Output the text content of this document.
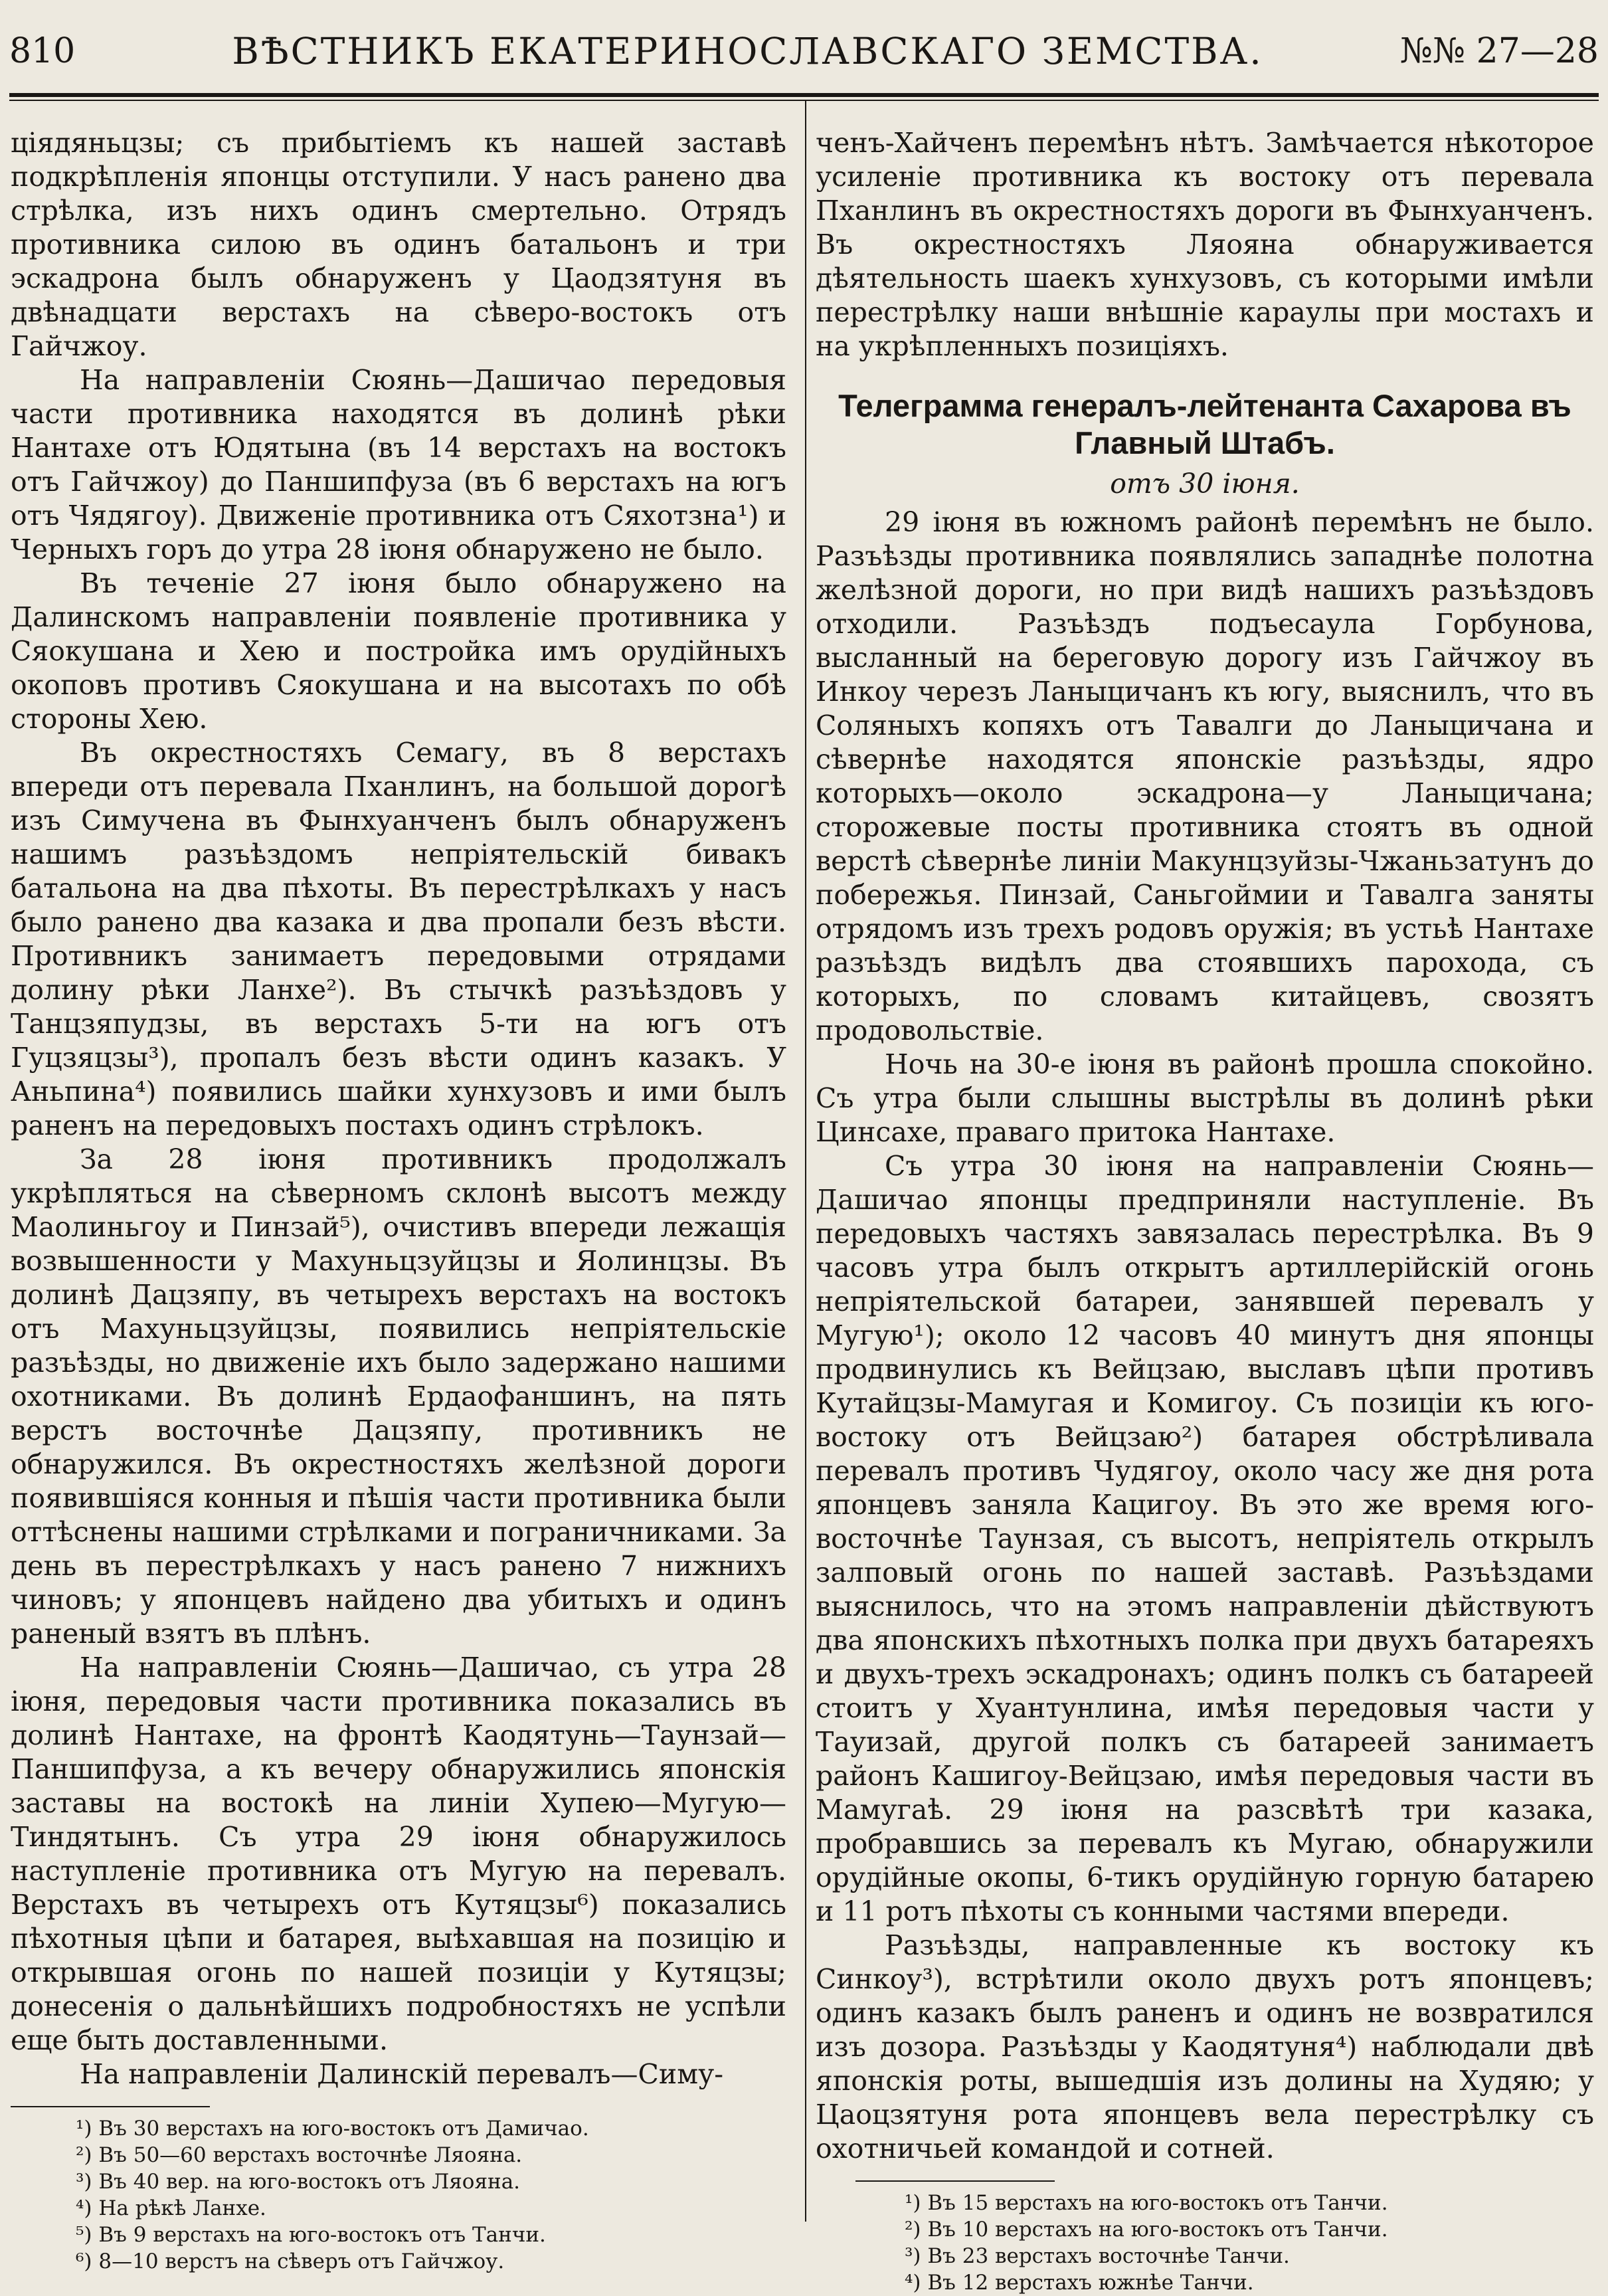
810	ВѢСТНИКЪ ЕКАТЕРИНОСЛАВСКАГО ЗЕМСТВА.	№№ 27—28

ціядяньцзы; съ прибытіемъ къ нашей заставѣ подкрѣпленія японцы отступили. У насъ ранено два стрѣлка, изъ нихъ одинъ смертельно. Отрядъ противника силою въ одинъ батальонъ и три эскадрона былъ обнаруженъ у Цаодзятуня въ двѣнадцати верстахъ на сѣверо-востокъ отъ Гайчжоу.

На направленіи Сюянь—Дашичао передовыя части противника находятся въ долинѣ рѣки Нантахе отъ Юдятына (въ 14 верстахъ на востокъ отъ Гайчжоу) до Паншипфуза (въ 6 верстахъ на югъ отъ Чядягоу). Движеніе противника отъ Сяхотзна¹) и Черныхъ горъ до утра 28 іюня обнаружено не было.

Въ теченіе 27 іюня было обнаружено на Далинскомъ направленіи появленіе противника у Сяокушана и Хею и постройка имъ орудійныхъ окоповъ противъ Сяокушана и на высотахъ по обѣ стороны Хею.

Въ окрестностяхъ Семагу, въ 8 верстахъ впереди отъ перевала Пханлинъ, на большой дорогѣ изъ Симучена въ Фынхуанченъ былъ обнаруженъ нашимъ разъѣздомъ непріятельскій бивакъ батальона на два пѣхоты. Въ перестрѣлкахъ у насъ было ранено два казака и два пропали безъ вѣсти. Противникъ занимаетъ передовыми отрядами долину рѣки Ланхе²). Въ стычкѣ разъѣздовъ у Танцзяпудзы, въ верстахъ 5-ти на югъ отъ Гуцзяцзы³), пропалъ безъ вѣсти одинъ казакъ. У Аньпина⁴) появились шайки хунхузовъ и ими былъ раненъ на передовыхъ постахъ одинъ стрѣлокъ.

За 28 іюня противникъ продолжалъ укрѣпляться на сѣверномъ склонѣ высотъ между Маолиньгоу и Пинзай⁵), очистивъ впереди лежащія возвышенности у Махуньцзуйцзы и Яолинцзы. Въ долинѣ Дацзяпу, въ четырехъ верстахъ на востокъ отъ Махуньцзуйцзы, появились непріятельскіе разъѣзды, но движеніе ихъ было задержано нашими охотниками. Въ долинѣ Ердаофаншинъ, на пять верстъ восточнѣе Дацзяпу, противникъ не обнаружился. Въ окрестностяхъ желѣзной дороги появившіяся конныя и пѣшія части противника были оттѣснены нашими стрѣлками и пограничниками. За день въ перестрѣлкахъ у насъ ранено 7 нижнихъ чиновъ; у японцевъ найдено два убитыхъ и одинъ раненый взятъ въ плѣнъ.

На направленіи Сюянь—Дашичао, съ утра 28 іюня, передовыя части противника показались въ долинѣ Нантахе, на фронтѣ Каодятунь—Таунзай—Паншипфуза, а къ вечеру обнаружились японскія заставы на востокѣ на линіи Хупею—Мугую—Тиндятынъ. Съ утра 29 іюня обнаружилось наступленіе противника отъ Мугую на перевалъ. Верстахъ въ четырехъ отъ Кутяцзы⁶) показались пѣхотныя цѣпи и батарея, выѣхавшая на позицію и открывшая огонь по нашей позиціи у Кутяцзы; донесенія о дальнѣйшихъ подробностяхъ не успѣли еще быть доставленными.

На направленіи Далинскій перевалъ—Симу-

¹) Въ 30 верстахъ на юго-востокъ отъ Дамичао.
²) Въ 50—60 верстахъ восточнѣе Ляояна.
³) Въ 40 вер. на юго-востокъ отъ Ляояна.
⁴) На рѣкѣ Ланхе.
⁵) Въ 9 верстахъ на юго-востокъ отъ Танчи.
⁶) 8—10 верстъ на сѣверъ отъ Гайчжоу.

ченъ-Хайченъ перемѣнъ нѣтъ. Замѣчается нѣкоторое усиленіе противника къ востоку отъ перевала Пханлинъ въ окрестностяхъ дороги въ Фынхуанченъ. Въ окрестностяхъ Ляояна обнаруживается дѣятельность шаекъ хунхузовъ, съ которыми имѣли перестрѣлку наши внѣшніе караулы при мостахъ и на укрѣпленныхъ позиціяхъ.

Телеграмма генералъ-лейтенанта Сахарова въ Главный Штабъ.
отъ 30 іюня.

29 іюня въ южномъ районѣ перемѣнъ не было. Разъѣзды противника появлялись западнѣе полотна желѣзной дороги, но при видѣ нашихъ разъѣздовъ отходили. Разъѣздъ подъесаула Горбунова, высланный на береговую дорогу изъ Гайчжоу въ Инкоу черезъ Ланыцичанъ къ югу, выяснилъ, что въ Соляныхъ копяхъ отъ Тавалги до Ланыцичана и сѣвернѣе находятся японскіе разъѣзды, ядро которыхъ—около эскадрона—у Ланыцичана; сторожевые посты противника стоятъ въ одной верстѣ сѣвернѣе линіи Макунцзуйзы-Чжаньзатунъ до побережья. Пинзай, Саньгоймии и Тавалга заняты отрядомъ изъ трехъ родовъ оружія; въ устьѣ Нантахе разъѣздъ видѣлъ два стоявшихъ парохода, съ которыхъ, по словамъ китайцевъ, свозятъ продовольствіе.

Ночь на 30-е іюня въ районѣ прошла спокойно. Съ утра были слышны выстрѣлы въ долинѣ рѣки Цинсахе, праваго притока Нантахе.

Съ утра 30 іюня на направленіи Сюянь—Дашичао японцы предприняли наступленіе. Въ передовыхъ частяхъ завязалась перестрѣлка. Въ 9 часовъ утра былъ открытъ артиллерійскій огонь непріятельской батареи, занявшей перевалъ у Мугую¹); около 12 часовъ 40 минутъ дня японцы продвинулись къ Вейцзаю, выславъ цѣпи противъ Кутайцзы-Мамугая и Комигоу. Съ позиціи къ юго-востоку отъ Вейцзаю²) батарея обстрѣливала перевалъ противъ Чудягоу, около часу же дня рота японцевъ заняла Кацигоу. Въ это же время юго-восточнѣе Таунзая, съ высотъ, непріятель открылъ залповый огонь по нашей заставѣ. Разъѣздами выяснилось, что на этомъ направленіи дѣйствуютъ два японскихъ пѣхотныхъ полка при двухъ батареяхъ и двухъ-трехъ эскадронахъ; одинъ полкъ съ батареей стоитъ у Хуантунлина, имѣя передовыя части у Тауизай, другой полкъ съ батареей занимаетъ районъ Кашигоу-Вейцзаю, имѣя передовыя части въ Мамугаѣ. 29 іюня на разсвѣтѣ три казака, пробравшись за перевалъ къ Мугаю, обнаружили орудійные окопы, 6-тикъ орудійную горную батарею и 11 ротъ пѣхоты съ конными частями впереди.

Разъѣзды, направленные къ востоку къ Синкоу³), встрѣтили около двухъ ротъ японцевъ; одинъ казакъ былъ раненъ и одинъ не возвратился изъ дозора. Разъѣзды у Каодятуня⁴) наблюдали двѣ японскія роты, вышедшія изъ долины на Худяю; у Цаоцзятуня рота японцевъ вела перестрѣлку съ охотничьей командой и сотней.

¹) Въ 15 верстахъ на юго-востокъ отъ Танчи.
²) Въ 10 верстахъ на юго-востокъ отъ Танчи.
³) Въ 23 верстахъ восточнѣе Танчи.
⁴) Въ 12 верстахъ южнѣе Танчи.
